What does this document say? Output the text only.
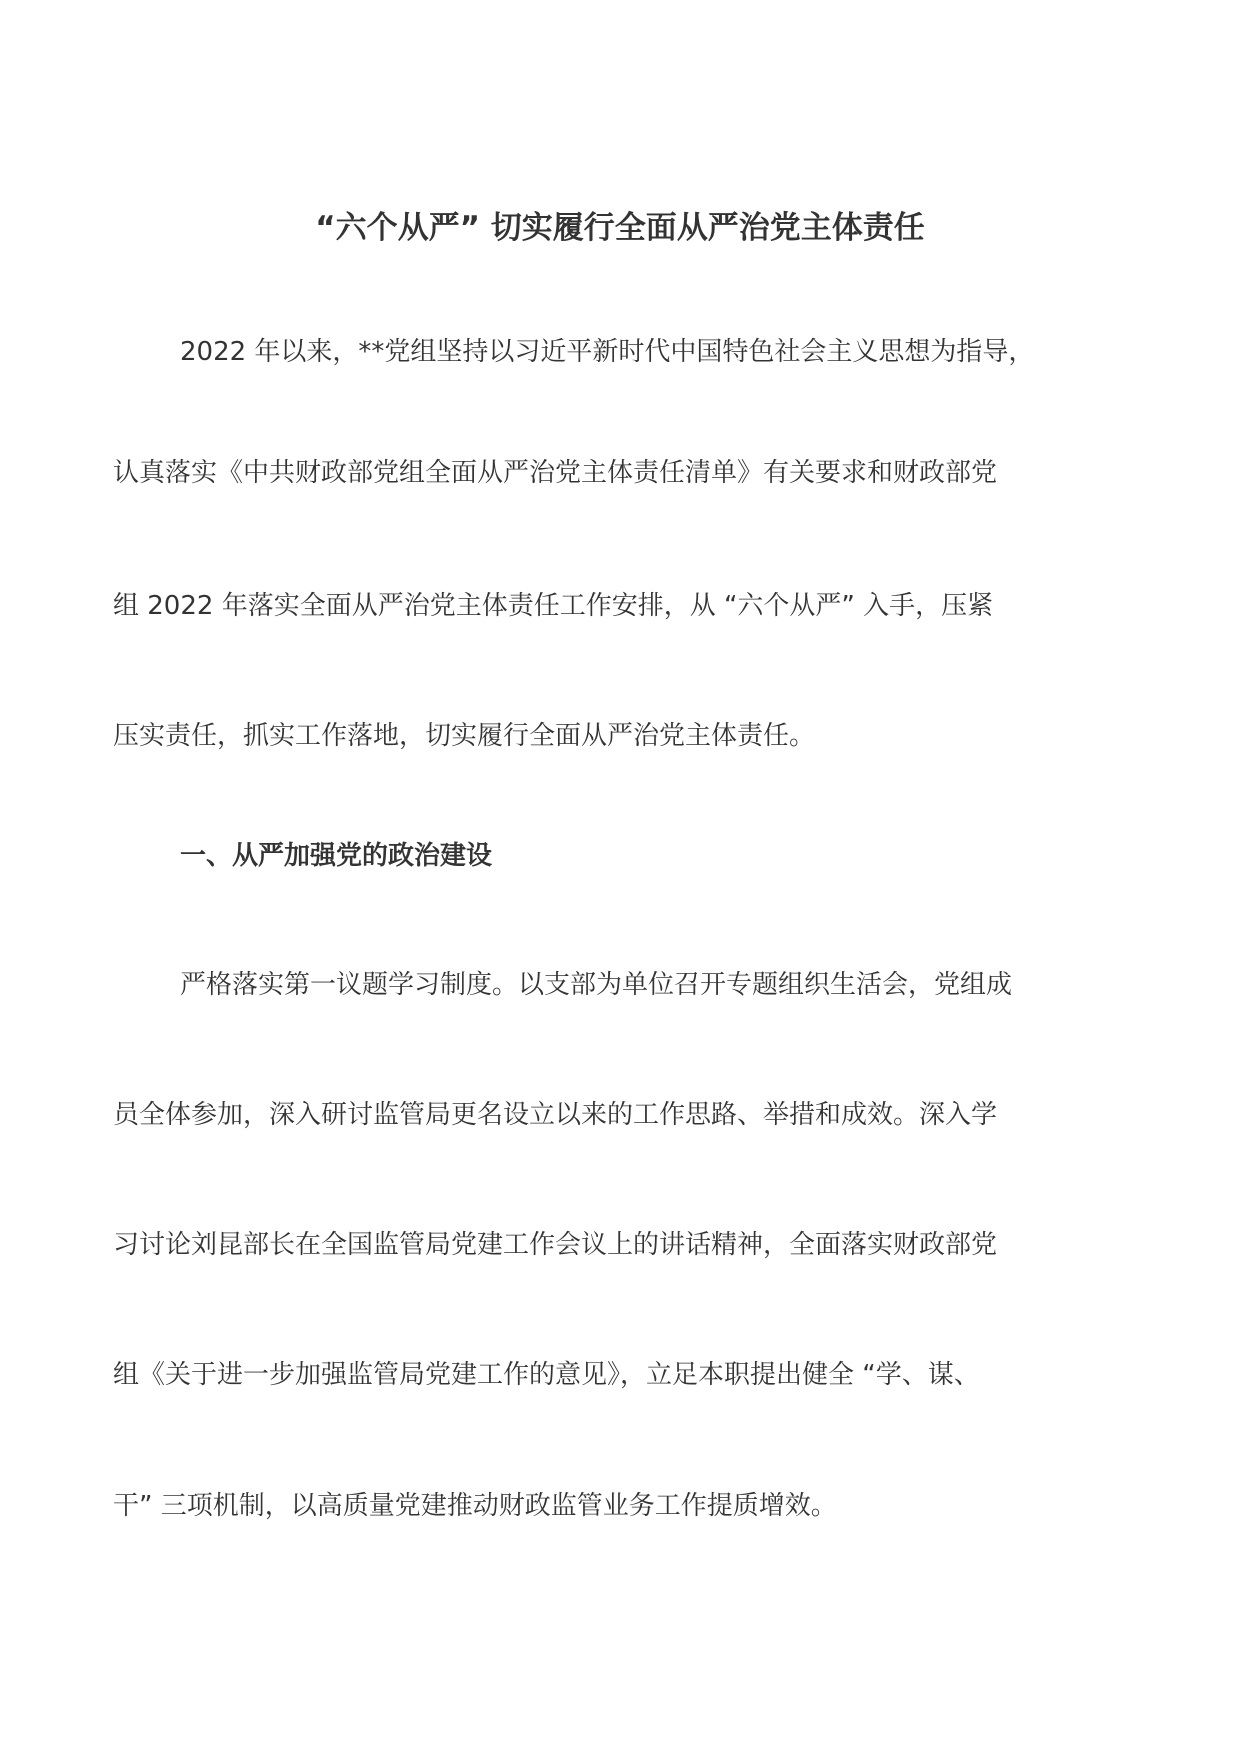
“六个从严” 切实履行全面从严治党主体责任

2022 年以来，**党组坚持以习近平新时代中国特色社会主义思想为指导，

认真落实《中共财政部党组全面从严治党主体责任清单》有关要求和财政部党

组 2022 年落实全面从严治党主体责任工作安排，从 “六个从严” 入手，压紧

压实责任，抓实工作落地，切实履行全面从严治党主体责任。

一、从严加强党的政治建设

严格落实第一议题学习制度。以支部为单位召开专题组织生活会，党组成

员全体参加，深入研讨监管局更名设立以来的工作思路、举措和成效。深入学

习讨论刘昆部长在全国监管局党建工作会议上的讲话精神，全面落实财政部党

组《关于进一步加强监管局党建工作的意见》，立足本职提出健全 “学、谋、

干” 三项机制，以高质量党建推动财政监管业务工作提质增效。
